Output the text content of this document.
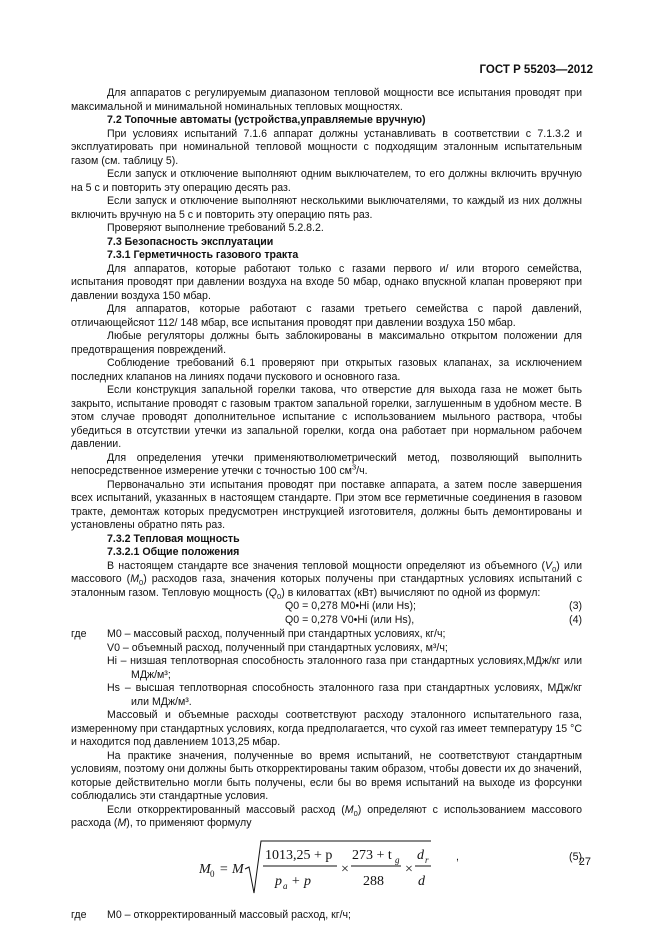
ГОСТ Р 55203—2012

Для аппаратов с регулируемым диапазоном тепловой мощности все испытания проводят при максимальной и минимальной номинальных тепловых мощностях.

7.2 Топочные автоматы (устройства,управляемые вручную)

При условиях испытаний 7.1.6 аппарат должны устанавливать в соответствии с 7.1.3.2 и эксплуатировать при номинальной тепловой мощности с подходящим эталонным испытательным газом (см. таблицу 5).

Если запуск и отключение выполняют одним выключателем, то его должны включить вручную на 5 с и повторить эту операцию десять раз.

Если запуск и отключение выполняют несколькими выключателями, то каждый из них должны включить вручную на 5 с и повторить эту операцию пять раз.

Проверяют выполнение требований 5.2.8.2.

7.3 Безопасность эксплуатации

7.3.1 Герметичность газового тракта

Для аппаратов, которые работают только с газами первого и/ или второго семейства, испытания проводят при давлении воздуха на входе 50 мбар, однако впускной клапан проверяют при давлении воздуха 150 мбар.

Для аппаратов, которые работают с газами третьего семейства с парой давлений, отличающейсяот 112/ 148 мбар, все испытания проводят при давлении воздуха 150 мбар.

Любые регуляторы должны быть заблокированы в максимально открытом положении для предотвращения повреждений.

Соблюдение требований 6.1 проверяют при открытых газовых клапанах, за исключением последних клапанов на линиях подачи пускового и основного газа.

Если конструкция запальной горелки такова, что отверстие для выхода газа не может быть закрыто, испытание проводят с газовым трактом запальной горелки, заглушенным в удобном месте. В этом случае проводят дополнительное испытание с использованием мыльного раствора, чтобы убедиться в отсутствии утечки из запальной горелки, когда она работает при нормальном рабочем давлении.

Для определения утечки применяютволюметрический метод, позволяющий выполнить непосредственное измерение утечки с точностью 100 $см^3/ч$.

Первоначально эти испытания проводят при поставке аппарата, а затем после завершения всех испытаний, указанных в настоящем стандарте. При этом все герметичные соединения в газовом тракте, демонтаж которых предусмотрен инструкцией изготовителя, должны быть демонтированы и установлены обратно пять раз.

7.3.2 Тепловая мощность

7.3.2.1 Общие положения

В настоящем стандарте все значения тепловой мощности определяют из объемного $(V_0)$ или массового $(M_0)$ расходов газа, значения которых получены при стандартных условиях испытаний с эталонным газом. Тепловую мощность $(Q_0)$ в киловаттах (кВт) вычисляют по одной из формул:

Q0 = 0,278 M0•Hi (или Hs);	(3)
Q0 = 0,278 V0•Hi (или Hs),	(4)
где M0 – массовый расход, полученный при стандартных условиях, кг/ч;

V0 – объемный расход, полученный при стандартных условиях, м³/ч;

Hi – низшая теплотворная способность эталонного газа при стандартных условиях,МДж/кг или МДж/м³;

Hs – высшая теплотворная способность эталонного газа при стандартных условиях, МДж/кг или МДж/м³.

Массовый и объемные расходы соответствуют расходу эталонного испытательного газа, измеренному при стандартных условиях, когда предполагается, что сухой газ имеет температуру 15 °С и находится под давлением 1013,25 мбар.

На практике значения, полученные во время испытаний, не соответствуют стандартным условиям, поэтому они должны быть откорректированы таким образом, чтобы довести их до значений, которые действительно могли быть получены, если бы во время испытаний на выходе из форсунки соблюдались эти стандартные условия.

Если откорректированный массовый расход $(M_0)$ определяют с использованием массового расхода (M), то применяют формулу

M 0 = M
1013,25 + p
p a + p
×
273 + t g
288
×
d r
d
,	(5)
где M0 – откорректированный массовый расход, кг/ч;

27
